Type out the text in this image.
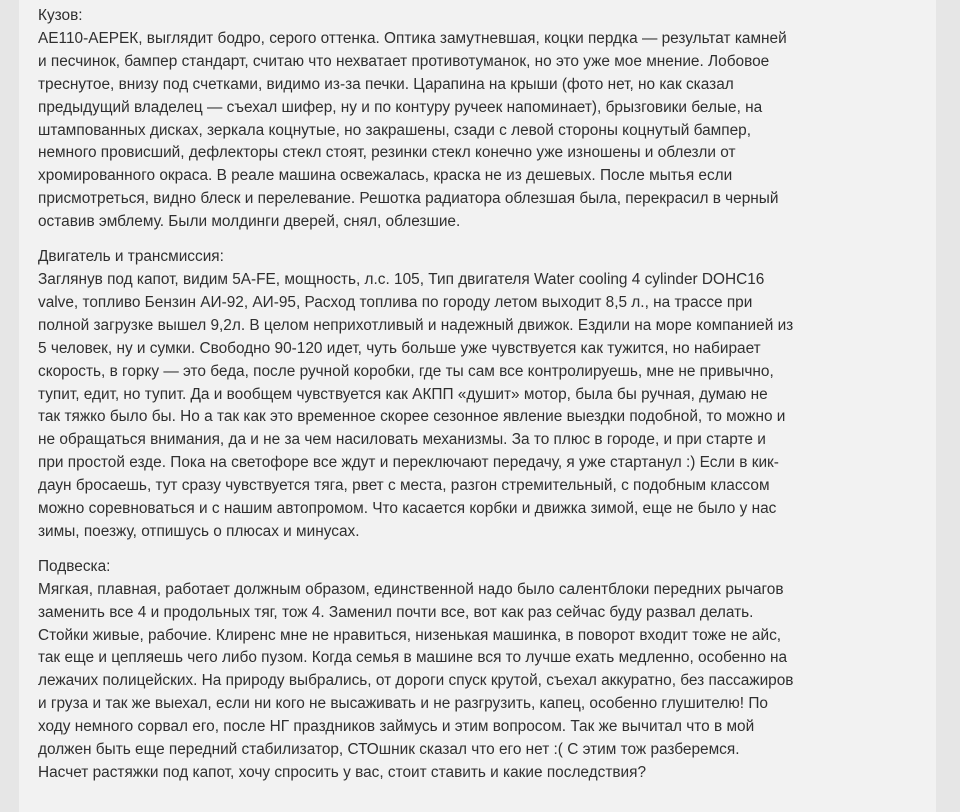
Кузов:
АЕ110-АЕРЕК, выглядит бодро, серого оттенка. Оптика замутневшая, коцки пердка — результат камней
и песчинок, бампер стандарт, считаю что нехватает противотуманок, но это уже мое мнение. Лобовое
треснутое, внизу под счетками, видимо из-за печки. Царапина на крыши (фото нет, но как сказал
предыдущий владелец — съехал шифер, ну и по контуру ручеек напоминает), брызговики белые, на
штампованных дисках, зеркала коцнутые, но закрашены, сзади с левой стороны коцнутый бампер,
немного провисший, дефлекторы стекл стоят, резинки стекл конечно уже изношены и облезли от
хромированного окраса. В реале машина освежалась, краска не из дешевых. После мытья если
присмотреться, видно блеск и перелевание. Решотка радиатора облезшая была, перекрасил в черный
оставив эмблему. Были молдинги дверей, снял, облезшие.
Двигатель и трансмиссия:
Заглянув под капот, видим 5A-FE, мощность, л.с. 105, Тип двигателя Water cooling 4 cylinder DOHC16
valve, топливо Бензин АИ-92, АИ-95, Расход топлива по городу летом выходит 8,5 л., на трассе при
полной загрузке вышел 9,2л. В целом неприхотливый и надежный движок. Ездили на море компанией из
5 человек, ну и сумки. Свободно 90-120 идет, чуть больше уже чувствуется как тужится, но набирает
скорость, в горку — это беда, после ручной коробки, где ты сам все контролируешь, мне не привычно,
тупит, едит, но тупит. Да и вообщем чувствуется как АКПП «душит» мотор, была бы ручная, думаю не
так тяжко было бы. Но а так как это временное скорее сезонное явление выездки подобной, то можно и
не обращаться внимания, да и не за чем насиловать механизмы. За то плюс в городе, и при старте и
при простой езде. Пока на светофоре все ждут и переключают передачу, я уже стартанул :) Если в кик-
даун бросаешь, тут сразу чувствуется тяга, рвет с места, разгон стремительный, с подобным классом
можно соревноваться и с нашим автопромом. Что касается корбки и движка зимой, еще не было у нас
зимы, поезжу, отпишусь о плюсах и минусах.
Подвеска:
Мягкая, плавная, работает должным образом, единственной надо было салентблоки передних рычагов
заменить все 4 и продольных тяг, тож 4. Заменил почти все, вот как раз сейчас буду развал делать.
Стойки живые, рабочие. Клиренс мне не нравиться, низенькая машинка, в поворот входит тоже не айс,
так еще и цепляешь чего либо пузом. Когда семья в машине вся то лучше ехать медленно, особенно на
лежачих полицейских. На природу выбрались, от дороги спуск крутой, съехал аккуратно, без пассажиров
и груза и так же выехал, если ни кого не высаживать и не разгрузить, капец, особенно глушителю! По
ходу немного сорвал его, после НГ праздников займусь и этим вопросом. Так же вычитал что в мой
должен быть еще передний стабилизатор, СТОшник сказал что его нет :( С этим тож разберемся.
Насчет растяжки под капот, хочу спросить у вас, стоит ставить и какие последствия?
